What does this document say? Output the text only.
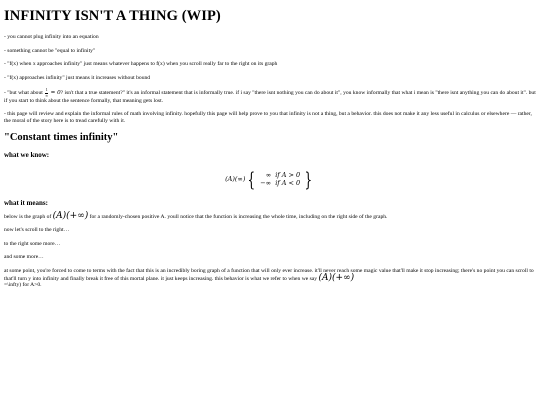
INFINITY ISN'T A THING (WIP)

- you cannot plug infinity into an equation

- something cannot be "equal to infinity"

- "f(x) when x approaches infinity" just means whatever happens to f(x) when you scroll really far to the right on its graph

- "f(x) approaches infinity" just means it increases without bound

- "but what about $\frac{1}{\infty} = 0$? isn't that a true statement?" it's an informal statement that is informally true. if i say "there isnt nothing you can do about it", you know informally that what i mean is "there isnt anything you can do about it". but if you start to think about the sentence formally, that meaning gets lost.

- this page will review and explain the informal rules of math involving infinity. hopefully this page will help prove to you that infinity is not a thing, but a behavior. this does not make it any less useful in calculus or elsewhere — rather, the moral of the story here is to tread carefully with it.

"Constant times infinity"
what we know:
(A)(∞) {	∞ if A > 0
−∞ if A < 0 }
what it means:

below is the graph of (A)(+∞) for a randomly-chosen positive A. youll notice that the function is increasing the whole time, including on the right side of the graph.

now let's scroll to the right…

to the right some more…

and some more…

at some point, you're forced to come to terms with the fact that this is an incredibly boring graph of a function that will only ever increase. it'll never reach some magic value that'll make it stop increasing; there's no point you can scroll to that'll turn y into infinity and finally break it free of this mortal plane. it just keeps increasing. this behavior is what we refer to when we say (A)(+∞)
=\infty) for A>0.
